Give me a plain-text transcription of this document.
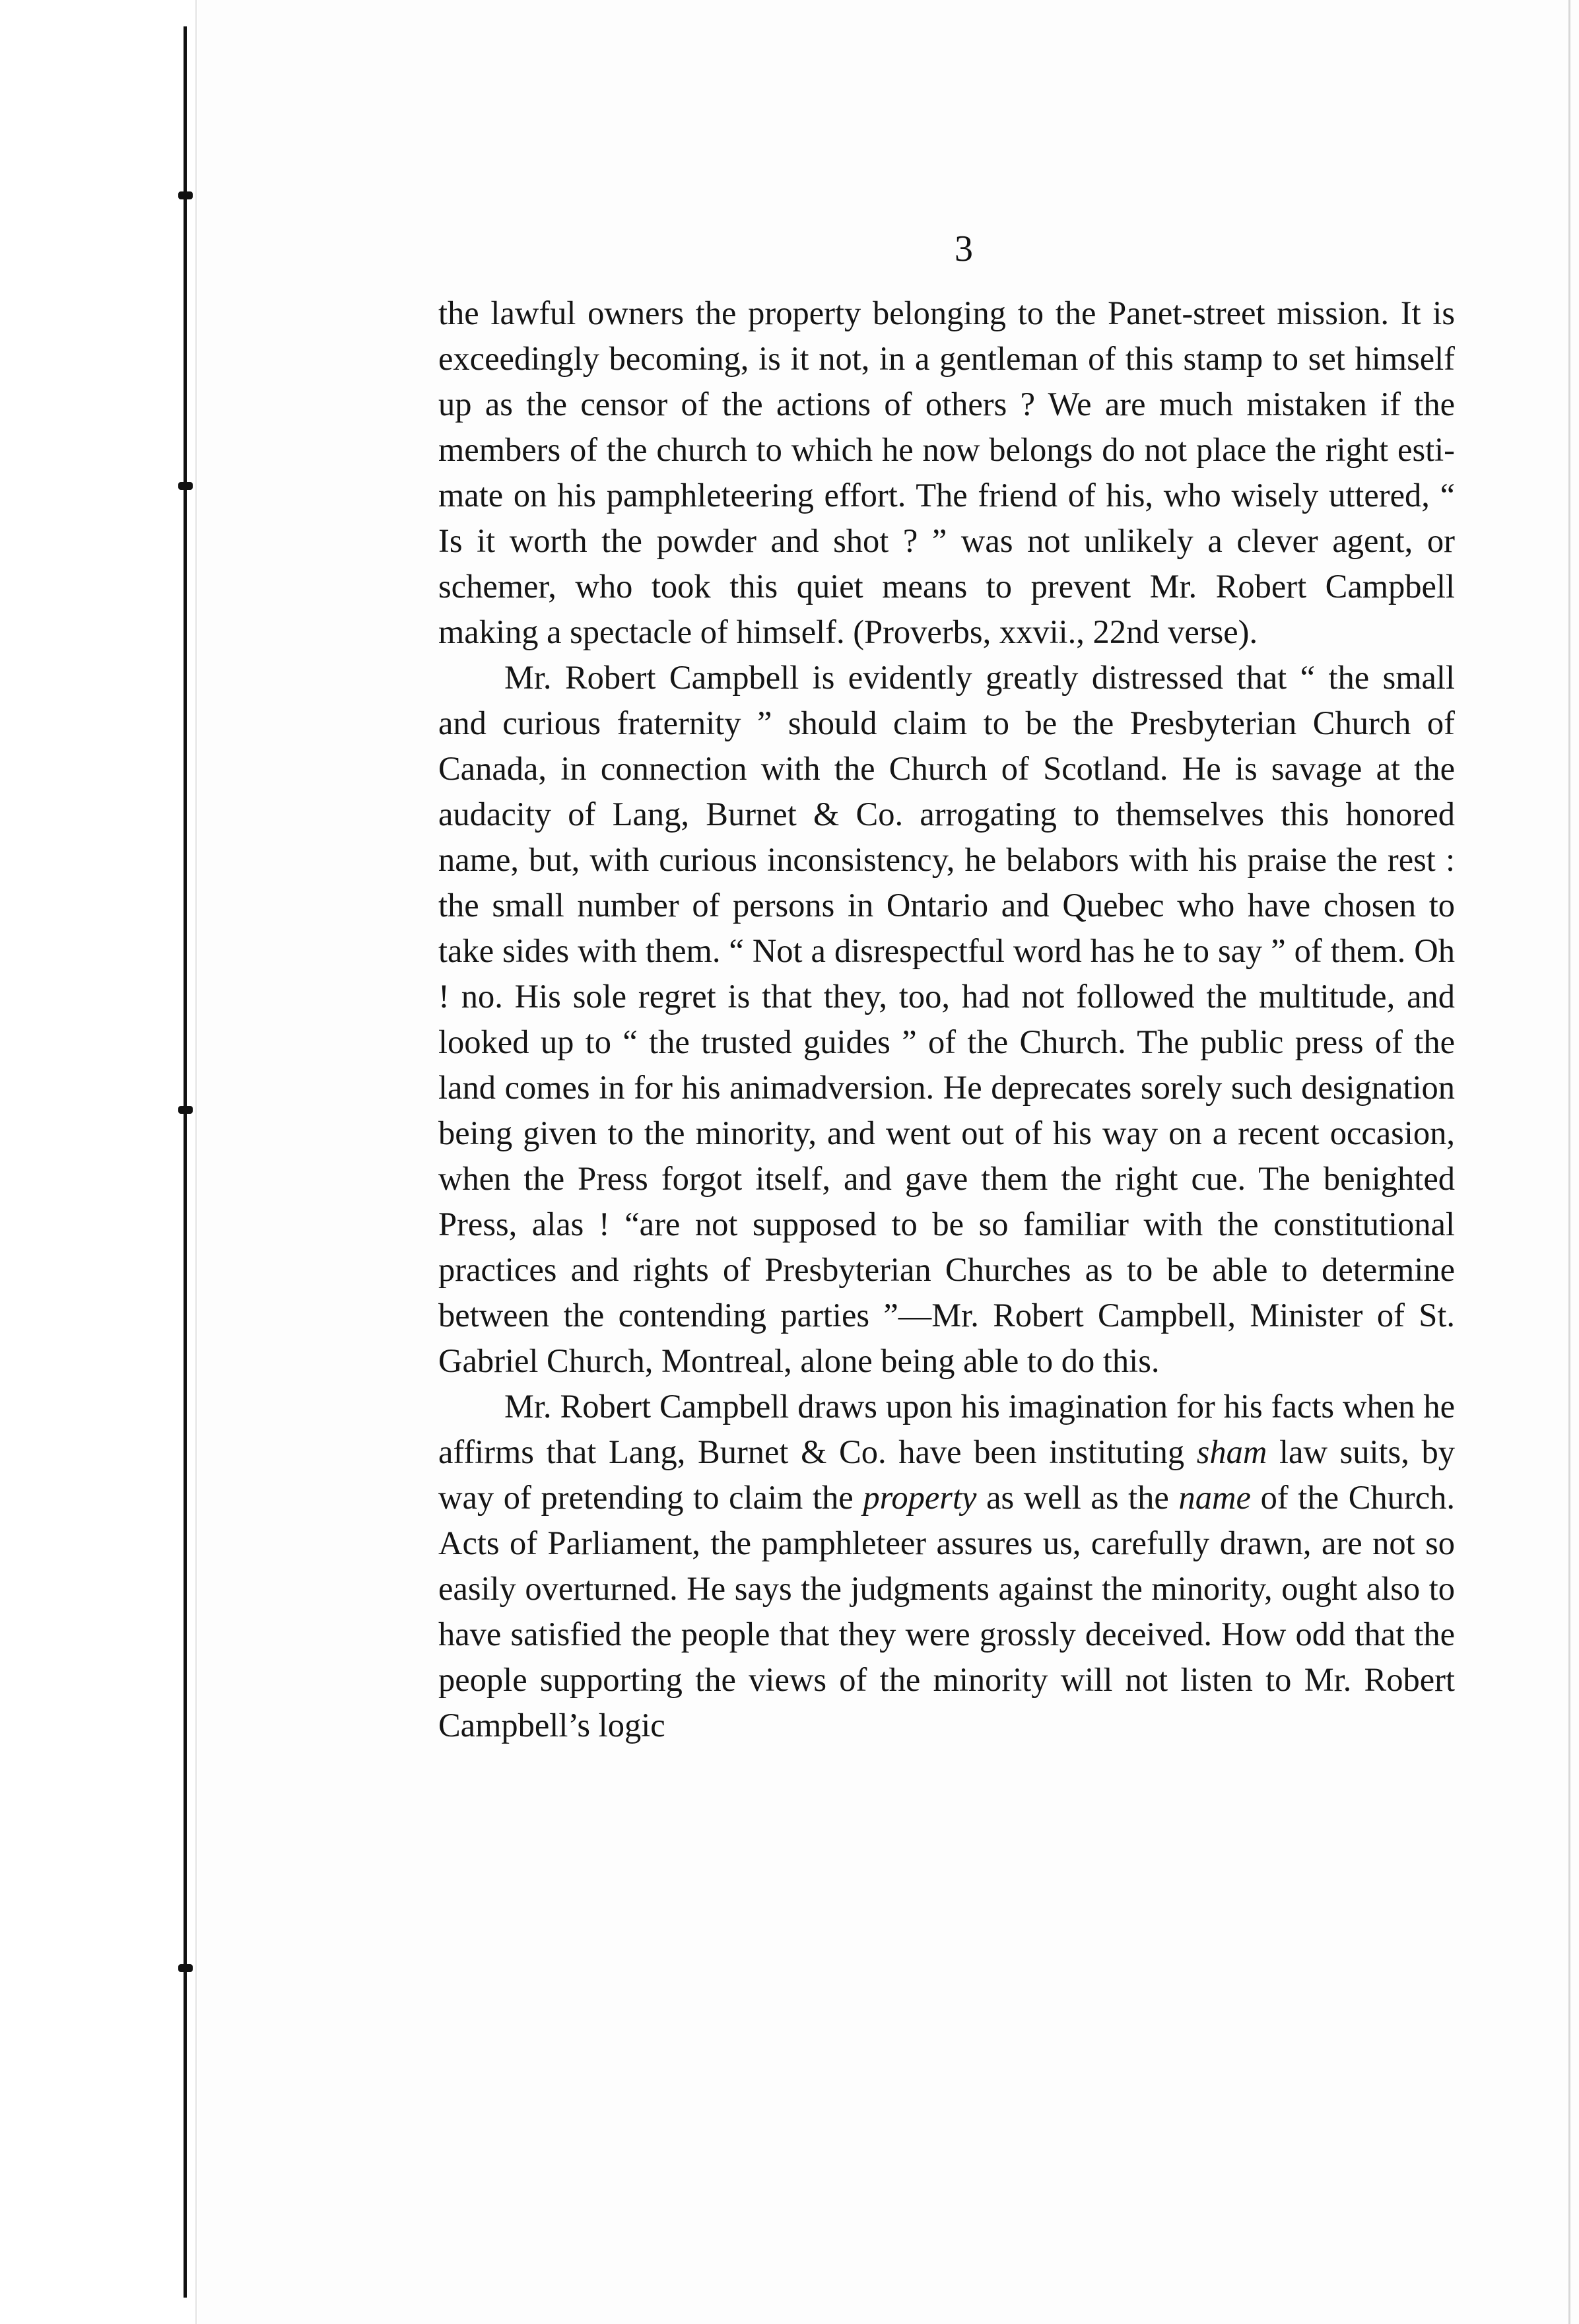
3

the lawful owners the property belonging to the Panet-street mission. It is exceedingly becoming, is it not, in a gentleman of this stamp to set himself up as the censor of the actions of others ? We are much mistaken if the members of the church to which he now belongs do not place the right estimate on his pamphleteering effort. The friend of his, who wisely uttered, “ Is it worth the powder and shot ? ” was not unlikely a clever agent, or schemer, who took this quiet means to prevent Mr. Robert Campbell making a spectacle of himself. (Proverbs, xxvii., 22nd verse).

Mr. Robert Campbell is evidently greatly distressed that “ the small and curious fraternity ” should claim to be the Presbyterian Church of Canada, in connection with the Church of Scotland. He is savage at the audacity of Lang, Burnet & Co. arrogating to themselves this honored name, but, with curious inconsistency, he belabors with his praise the rest : the small number of persons in Ontario and Quebec who have chosen to take sides with them. “ Not a disrespectful word has he to say ” of them. Oh ! no. His sole regret is that they, too, had not followed the multitude, and looked up to “ the trusted guides ” of the Church. The public press of the land comes in for his animadversion. He deprecates sorely such designation being given to the minority, and went out of his way on a recent occasion, when the Press forgot itself, and gave them the right cue. The benighted Press, alas ! “are not supposed to be so familiar with the constitutional practices and rights of Presbyterian Churches as to be able to determine between the contending parties ”—Mr. Robert Campbell, Minister of St. Gabriel Church, Montreal, alone being able to do this.

Mr. Robert Campbell draws upon his imagination for his facts when he affirms that Lang, Burnet & Co. have been instituting sham law suits, by way of pretending to claim the property as well as the name of the Church. Acts of Parliament, the pamphleteer assures us, carefully drawn, are not so easily overturned. He says the judgments against the minority, ought also to have satisfied the people that they were grossly deceived. How odd that the people supporting the views of the minority will not listen to Mr. Robert Campbell’s logic
